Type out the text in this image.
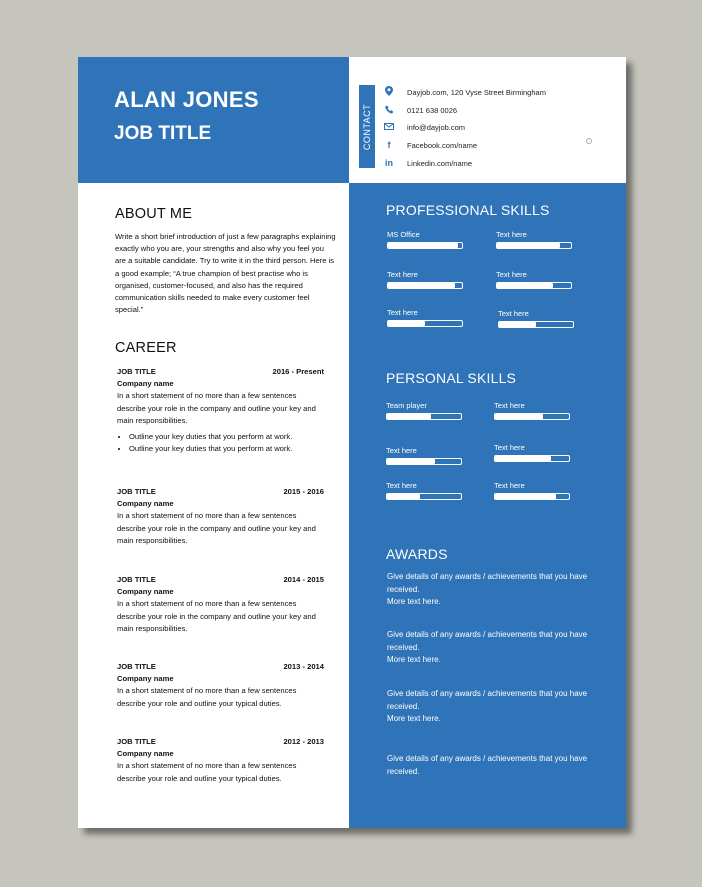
ALAN JONES
JOB TITLE	CONTACT
Dayjob.com, 120 Vyse Street Birmingham
0121 638 0026
info@dayjob.com
f	Facebook.com/name
in	Linkedin.com/name
ABOUT ME
Write a short brief introduction of just a few paragraphs explaining exactly who you are, your strengths and also why you feel you are a suitable candidate. Try to write it in the third person. Here is a good example; “A true champion of best practise who is organised, customer-focused, and also has the required communication skills needed to make every customer feel special.”
CAREER
JOB TITLE	2016 - Present
Company name
In a short statement of no more than a few sentences describe your role in the company and outline your key and main responsibilities.
• Outline your key duties that you perform at work.
• Outline your key duties that you perform at work.
JOB TITLE	2015 - 2016
Company name
In a short statement of no more than a few sentences describe your role in the company and outline your key and main responsibilities.
JOB TITLE	2014 - 2015
Company name
In a short statement of no more than a few sentences describe your role in the company and outline your key and main responsibilities.
JOB TITLE	2013 - 2014
Company name
In a short statement of no more than a few sentences describe your role and outline your typical duties.
JOB TITLE	2012 - 2013
Company name
In a short statement of no more than a few sentences describe your role and outline your typical duties.
PROFESSIONAL SKILLS
MS Office	Text here
Text here	Text here
Text here	Text here
PERSONAL SKILLS
Team player	Text here
Text here	Text here
Text here	Text here
AWARDS
Give details of any awards / achievements that you have received.
More text here.
Give details of any awards / achievements that you have received.
More text here.
Give details of any awards / achievements that you have received.
More text here.
Give details of any awards / achievements that you have received.
